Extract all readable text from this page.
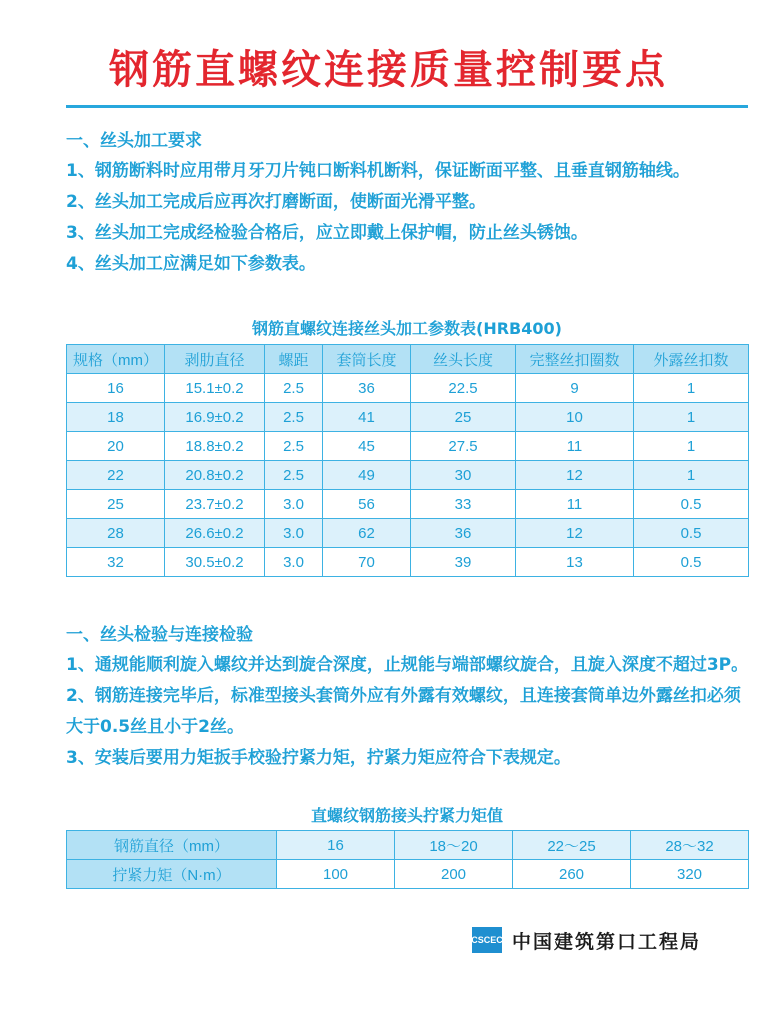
钢筋直螺纹连接质量控制要点
一、丝头加工要求
1、钢筋断料时应用带月牙刀片钝口断料机断料，保证断面平整、且垂直钢筋轴线。
2、丝头加工完成后应再次打磨断面，使断面光滑平整。
3、丝头加工完成经检验合格后，应立即戴上保护帽，防止丝头锈蚀。
4、丝头加工应满足如下参数表。
钢筋直螺纹连接丝头加工参数表(HRB400)
规格（mm）	剥肋直径	螺距	套筒长度	丝头长度	完整丝扣圈数	外露丝扣数
16	15.1±0.2	2.5	36	22.5	9	1
18	16.9±0.2	2.5	41	25	10	1
20	18.8±0.2	2.5	45	27.5	11	1
22	20.8±0.2	2.5	49	30	12	1
25	23.7±0.2	3.0	56	33	11	0.5
28	26.6±0.2	3.0	62	36	12	0.5
32	30.5±0.2	3.0	70	39	13	0.5
一、丝头检验与连接检验
1、通规能顺利旋入螺纹并达到旋合深度，止规能与端部螺纹旋合，且旋入深度不超过3P。
2、钢筋连接完毕后，标准型接头套筒外应有外露有效螺纹，且连接套筒单边外露丝扣必须大于0.5丝且小于2丝。
3、安装后要用力矩扳手校验拧紧力矩，拧紧力矩应符合下表规定。
直螺纹钢筋接头拧紧力矩值
钢筋直径（mm）	16	18～20	22～25	28～32
拧紧力矩（N·m）	100	200	260	320
CSCEC 中国建筑第口工程局
